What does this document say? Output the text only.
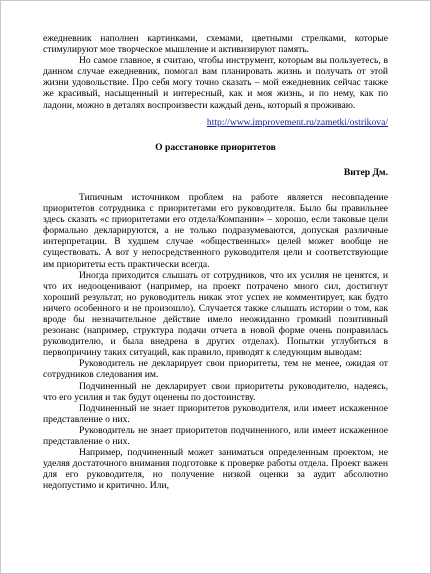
ежедневник наполнен картинками, схемами, цветными стрелками, которые стимулируют мое творческое мышление и активизируют память.

Но самое главное, я считаю, чтобы инструмент, которым вы пользуетесь, в данном случае ежедневник, помогал вам планировать жизнь и получать от этой жизни удовольствие. Про себя могу точно сказать – мой ежедневник сейчас также же красивый, насыщенный и интересный, как и моя жизнь, и по нему, как по ладони, можно в деталях воспроизвести каждый день, который я проживаю.

http://www.improvement.ru/zametki/ostrikova/
О расстановке приоритетов
Витер Дм.

Типичным источником проблем на работе является несовпадение приоритетов сотрудника с приоритетами его руководителя. Было бы правильнее здесь сказать «с приоритетами его отдела/Компании» – хорошо, если таковые цели формально декларируются, а не только подразумеваются, допуская различные интерпретации. В худшем случае «общественных» целей может вообще не существовать. А вот у непосредственного руководителя цели и соответствующие им приоритеты есть практически всегда.

Иногда приходится слышать от сотрудников, что их усилия не ценятся, и что их недооценивают (например, на проект потрачено много сил, достигнут хороший результат, но руководитель никак этот успех не комментирует, как будто ничего особенного и не произошло). Случается также слышать истории о том, как вроде бы незначительное действие имело неожиданно громкий позитивный резонанс (например, структура подачи отчета в новой форме очень понравилась руководителю, и была внедрена в других отделах). Попытки углубиться в первопричину таких ситуаций, как правило, приводят к следующим выводам:

Руководитель не декларирует свои приоритеты, тем не менее, ожидая от сотрудников следования им.

Подчиненный не декларирует свои приоритеты руководителю, надеясь, что его усилия и так будут оценены по достоинству.

Подчиненный не знает приоритетов руководителя, или имеет искаженное представление о них.

Руководитель не знает приоритетов подчиненного, или имеет искаженное представление о них.

Например, подчиненный может заниматься определенным проектом, не уделяя достаточного внимания подготовке к проверке работы отдела. Проект важен для его руководителя, но получение низкой оценки за аудит абсолютно недопустимо и критично. Или,
